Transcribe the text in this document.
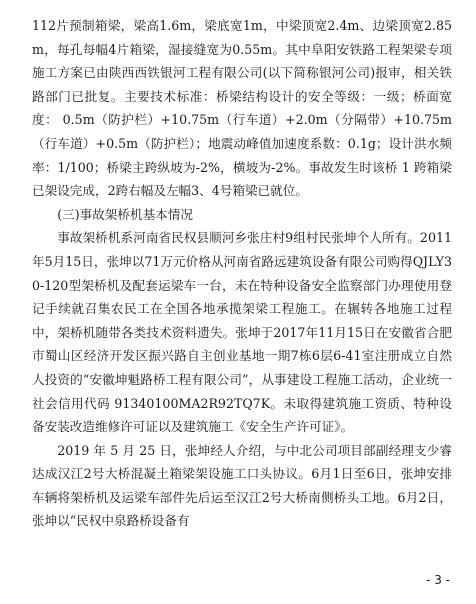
112片预制箱梁，梁高1.6m，梁底宽1m，中梁顶宽2.4m、边梁顶宽2.85m，每孔每幅4片箱梁，湿接缝宽为0.55m。其中阜阳安铁路工程架梁专项施工方案已由陕西西铁银河工程有限公司(以下简称银河公司)报审，相关铁路部门已批复。主要技术标准：桥梁结构设计的安全等级：一级；桥面宽度： 0.5m（防护栏）+10.75m（行车道）+2.0m（分隔带）+10.75m（行车道）+0.5m（防护栏）；地震动峰值加速度系数：0.1g；设计洪水频率：1/100；桥梁主跨纵坡为-2%，横坡为-2%。事故发生时该桥 1 跨箱梁已架设完成，2跨右幅及左幅3、4号箱梁已就位。

(三)事故架桥机基本情况

事故架桥机系河南省民权县顺河乡张庄村9组村民张坤个人所有。2011年5月15日，张坤以71万元价格从河南省路远建筑设备有限公司购得QJLY30-120型架桥机及配套运梁车一台，未在特种设备安全监察部门办理使用登记手续就召集农民工在全国各地承揽架梁工程施工。在辗转各地施工过程中，架桥机随带各类技术资料遗失。张坤于2017年11月15日在安徽省合肥市蜀山区经济开发区振兴路自主创业基地一期7栋6层6-41室注册成立自然人投资的“安徽坤魁路桥工程有限公司”，从事建设工程施工活动，企业统一社会信用代码 91340100MA2R92TQ7K。未取得建筑施工资质、特种设备安装改造维修许可证以及建筑施工《安全生产许可证》。

2019 年 5 月 25 日，张坤经人介绍，与中北公司项目部副经理支少睿达成汉江2号大桥混凝土箱梁架设施工口头协议。6月1日至6日，张坤安排车辆将架桥机及运梁车部件先后运至汉江2号大桥南侧桥头工地。6月2日，张坤以“民权中泉路桥设备有

- 3 -
